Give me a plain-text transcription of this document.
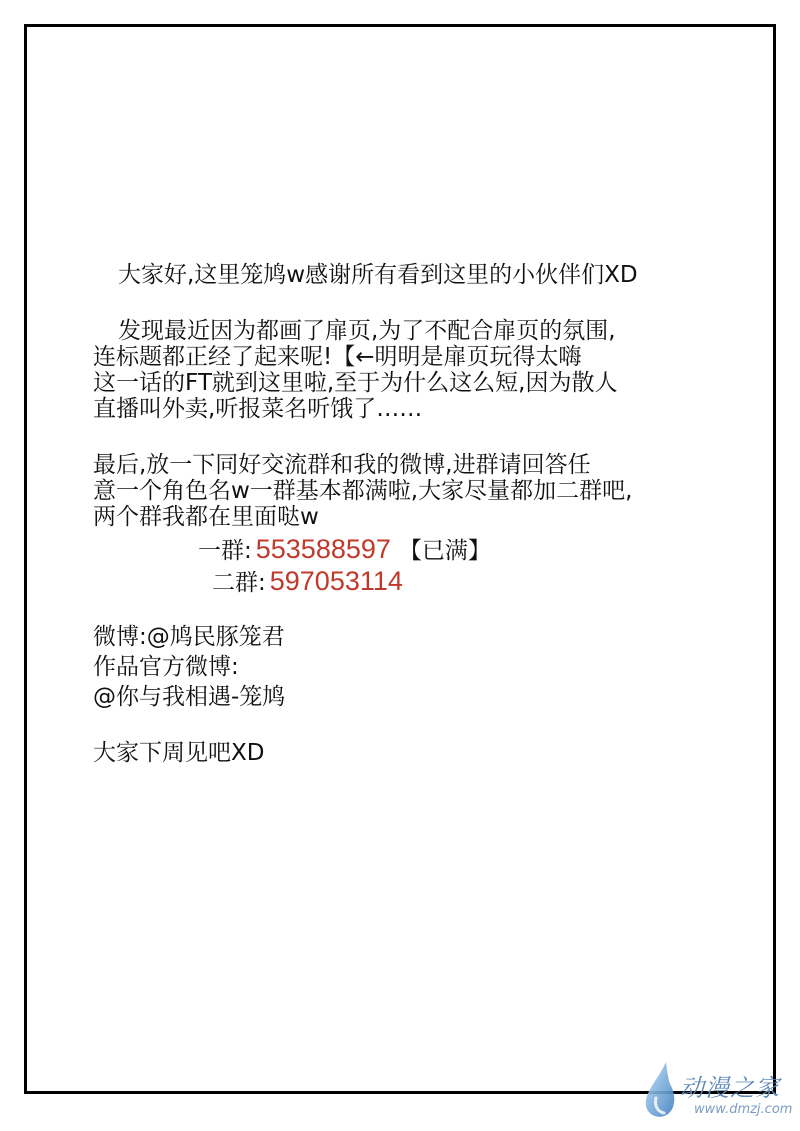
大家好,这里笼鸠w感谢所有看到这里的小伙伴们XD
发现最近因为都画了扉页,为了不配合扉页的氛围,
连标题都正经了起来呢!【←明明是扉页玩得太嗨
这一话的FT就到这里啦,至于为什么这么短,因为散人
直播叫外卖,听报菜名听饿了……
最后,放一下同好交流群和我的微博,进群请回答任
意一个角色名w一群基本都满啦,大家尽量都加二群吧,
两个群我都在里面哒w
一群: 553588597 【已满】
二群: 597053114
微博:@鸠民豚笼君
作品官方微博:
@你与我相遇-笼鸠
大家下周见吧XD
动漫之家
www.dmzj.com
